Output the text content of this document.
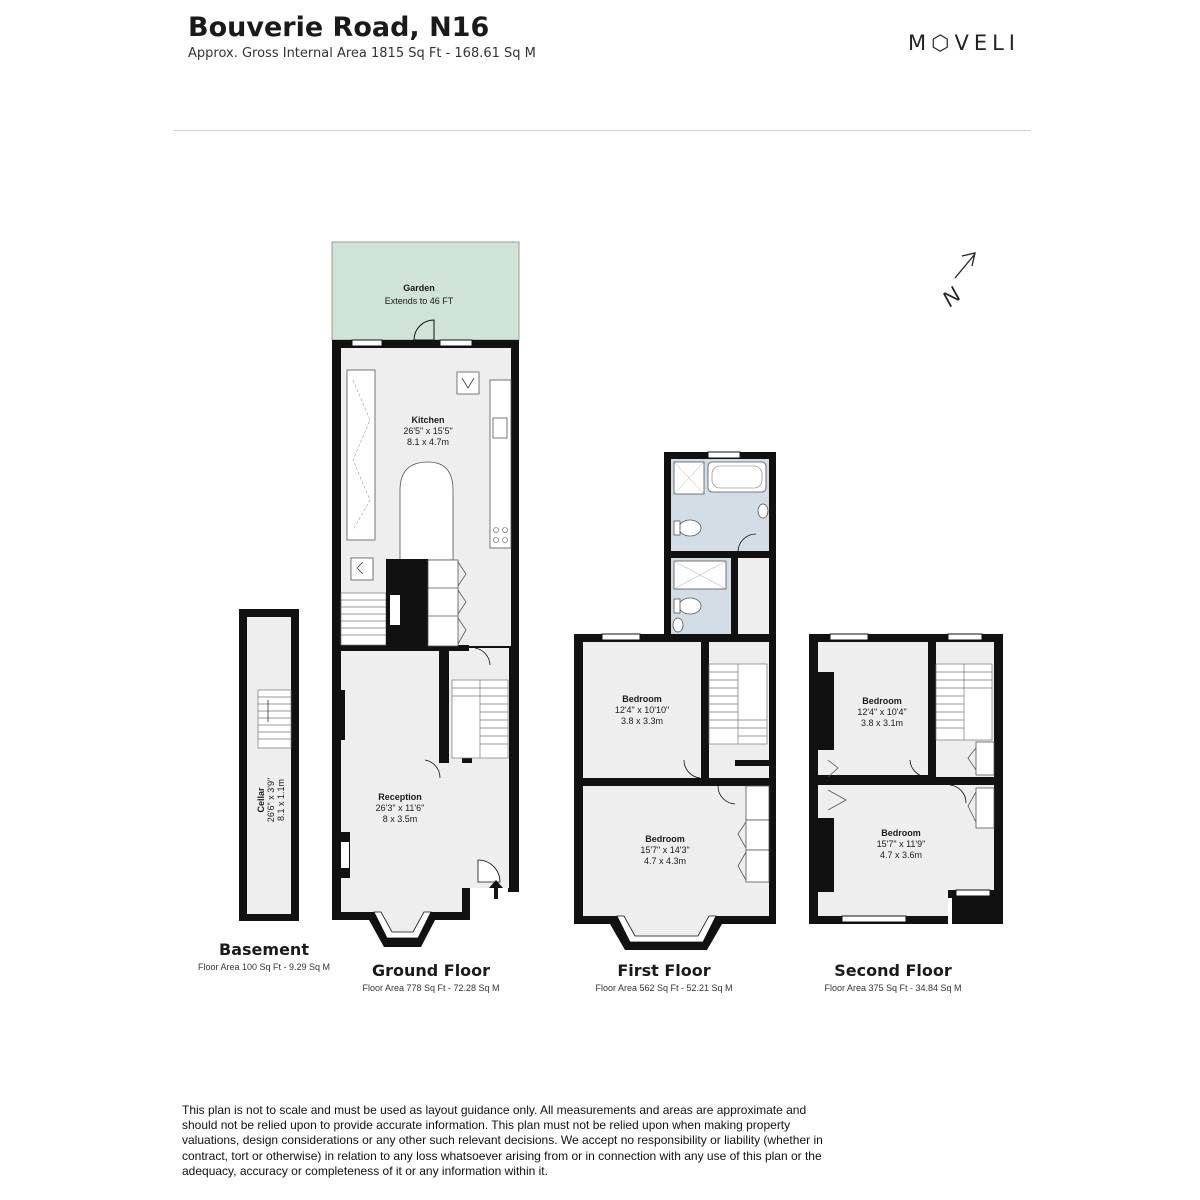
Bouverie Road, N16
Approx. Gross Internal Area 1815 Sq Ft - 168.61 Sq M	M⬡VELI
N
Cellar 26'6" x 3'9" 8.1 x 1.1m
Garden
Extends to 46 FT
Kitchen
26'5" x 15'5"
8.1 x 4.7m
Reception
26'3" x 11'6"
8 x 3.5m
Bedroom
12'4" x 10'10"
3.8 x 3.3m
Bedroom
15'7" x 14'3"
4.7 x 4.3m
Bedroom
12'4" x 10'4"
3.8 x 3.1m
Bedroom
15'7" x 11'9"
4.7 x 3.6m
Basement
Floor Area 100 Sq Ft - 9.29 Sq M	Ground Floor
Floor Area 778 Sq Ft - 72.28 Sq M
First Floor
Floor Area 562 Sq Ft - 52.21 Sq M
Second Floor
Floor Area 375 Sq Ft - 34.84 Sq M

This plan is not to scale and must be used as layout guidance only. All measurements and areas are approximate and should not be relied upon to provide accurate information. This plan must not be relied upon when making property valuations, design considerations or any other such relevant decisions. We accept no responsibility or liability (whether in contract, tort or otherwise) in relation to any loss whatsoever arising from or in connection with any use of this plan or the adequacy, accuracy or completeness of it or any information within it.
